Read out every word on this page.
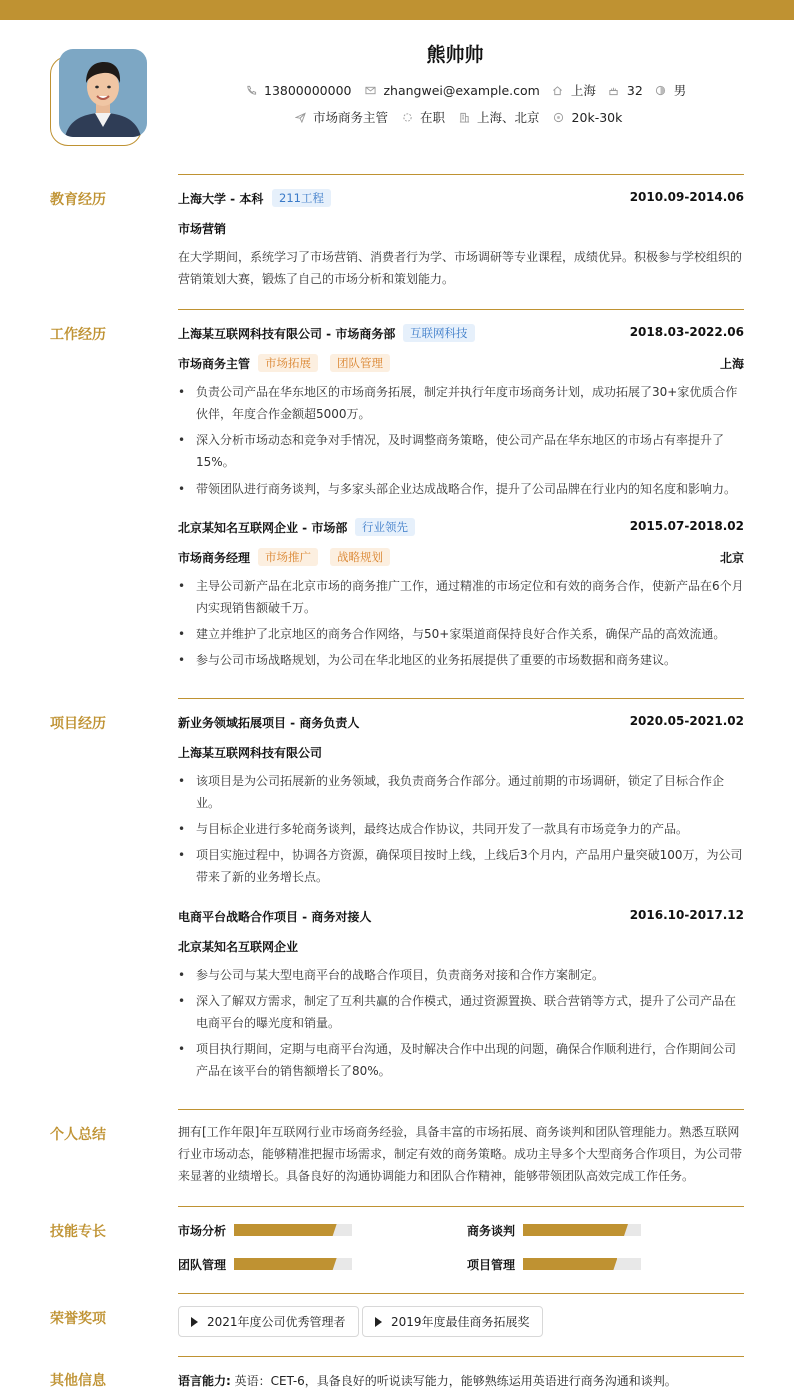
熊帅帅
13800000000	zhangwei@example.com 上海 32 男
市场商务主管	在职	上海、北京	20k-30k
教育经历	上海大学 - 本科	211工程	2010.09-2014.06
市场营销
在大学期间，系统学习了市场营销、消费者行为学、市场调研等专业课程，成绩优异。积极参与学校组织的营销策划大赛，锻炼了自己的市场分析和策划能力。
工作经历	上海某互联网科技有限公司 - 市场商务部	互联网科技	2018.03-2022.06
市场商务主管	市场拓展	团队管理	上海
• 负责公司产品在华东地区的市场商务拓展，制定并执行年度市场商务计划，成功拓展了30+家优质合作伙伴，年度合作金额超5000万。
• 深入分析市场动态和竞争对手情况，及时调整商务策略，使公司产品在华东地区的市场占有率提升了15%。
• 带领团队进行商务谈判，与多家头部企业达成战略合作，提升了公司品牌在行业内的知名度和影响力。
北京某知名互联网企业 - 市场部	行业领先	2015.07-2018.02
市场商务经理	市场推广	战略规划	北京
• 主导公司新产品在北京市场的商务推广工作，通过精准的市场定位和有效的商务合作，使新产品在6个月内实现销售额破千万。
• 建立并维护了北京地区的商务合作网络，与50+家渠道商保持良好合作关系，确保产品的高效流通。
• 参与公司市场战略规划，为公司在华北地区的业务拓展提供了重要的市场数据和商务建议。
项目经历	新业务领域拓展项目 - 商务负责人	2020.05-2021.02
上海某互联网科技有限公司
• 该项目是为公司拓展新的业务领域，我负责商务合作部分。通过前期的市场调研，锁定了目标合作企业。
• 与目标企业进行多轮商务谈判，最终达成合作协议，共同开发了一款具有市场竞争力的产品。
• 项目实施过程中，协调各方资源，确保项目按时上线，上线后3个月内，产品用户量突破100万，为公司带来了新的业务增长点。
电商平台战略合作项目 - 商务对接人	2016.10-2017.12
北京某知名互联网企业
• 参与公司与某大型电商平台的战略合作项目，负责商务对接和合作方案制定。
• 深入了解双方需求，制定了互利共赢的合作模式，通过资源置换、联合营销等方式，提升了公司产品在电商平台的曝光度和销量。
• 项目执行期间，定期与电商平台沟通，及时解决合作中出现的问题，确保合作顺利进行，合作期间公司产品在该平台的销售额增长了80%。
个人总结	拥有[工作年限]年互联网行业市场商务经验，具备丰富的市场拓展、商务谈判和团队管理能力。熟悉互联网行业市场动态，能够精准把握市场需求，制定有效的商务策略。成功主导多个大型商务合作项目，为公司带来显著的业绩增长。具备良好的沟通协调能力和团队合作精神，能够带领团队高效完成工作任务。
技能专长	市场分析	商务谈判
团队管理	项目管理
荣誉奖项	2021年度公司优秀管理者	2019年度最佳商务拓展奖
其他信息	语言能力: 英语：CET-6，具备良好的听说读写能力，能够熟练运用英语进行商务沟通和谈判。
